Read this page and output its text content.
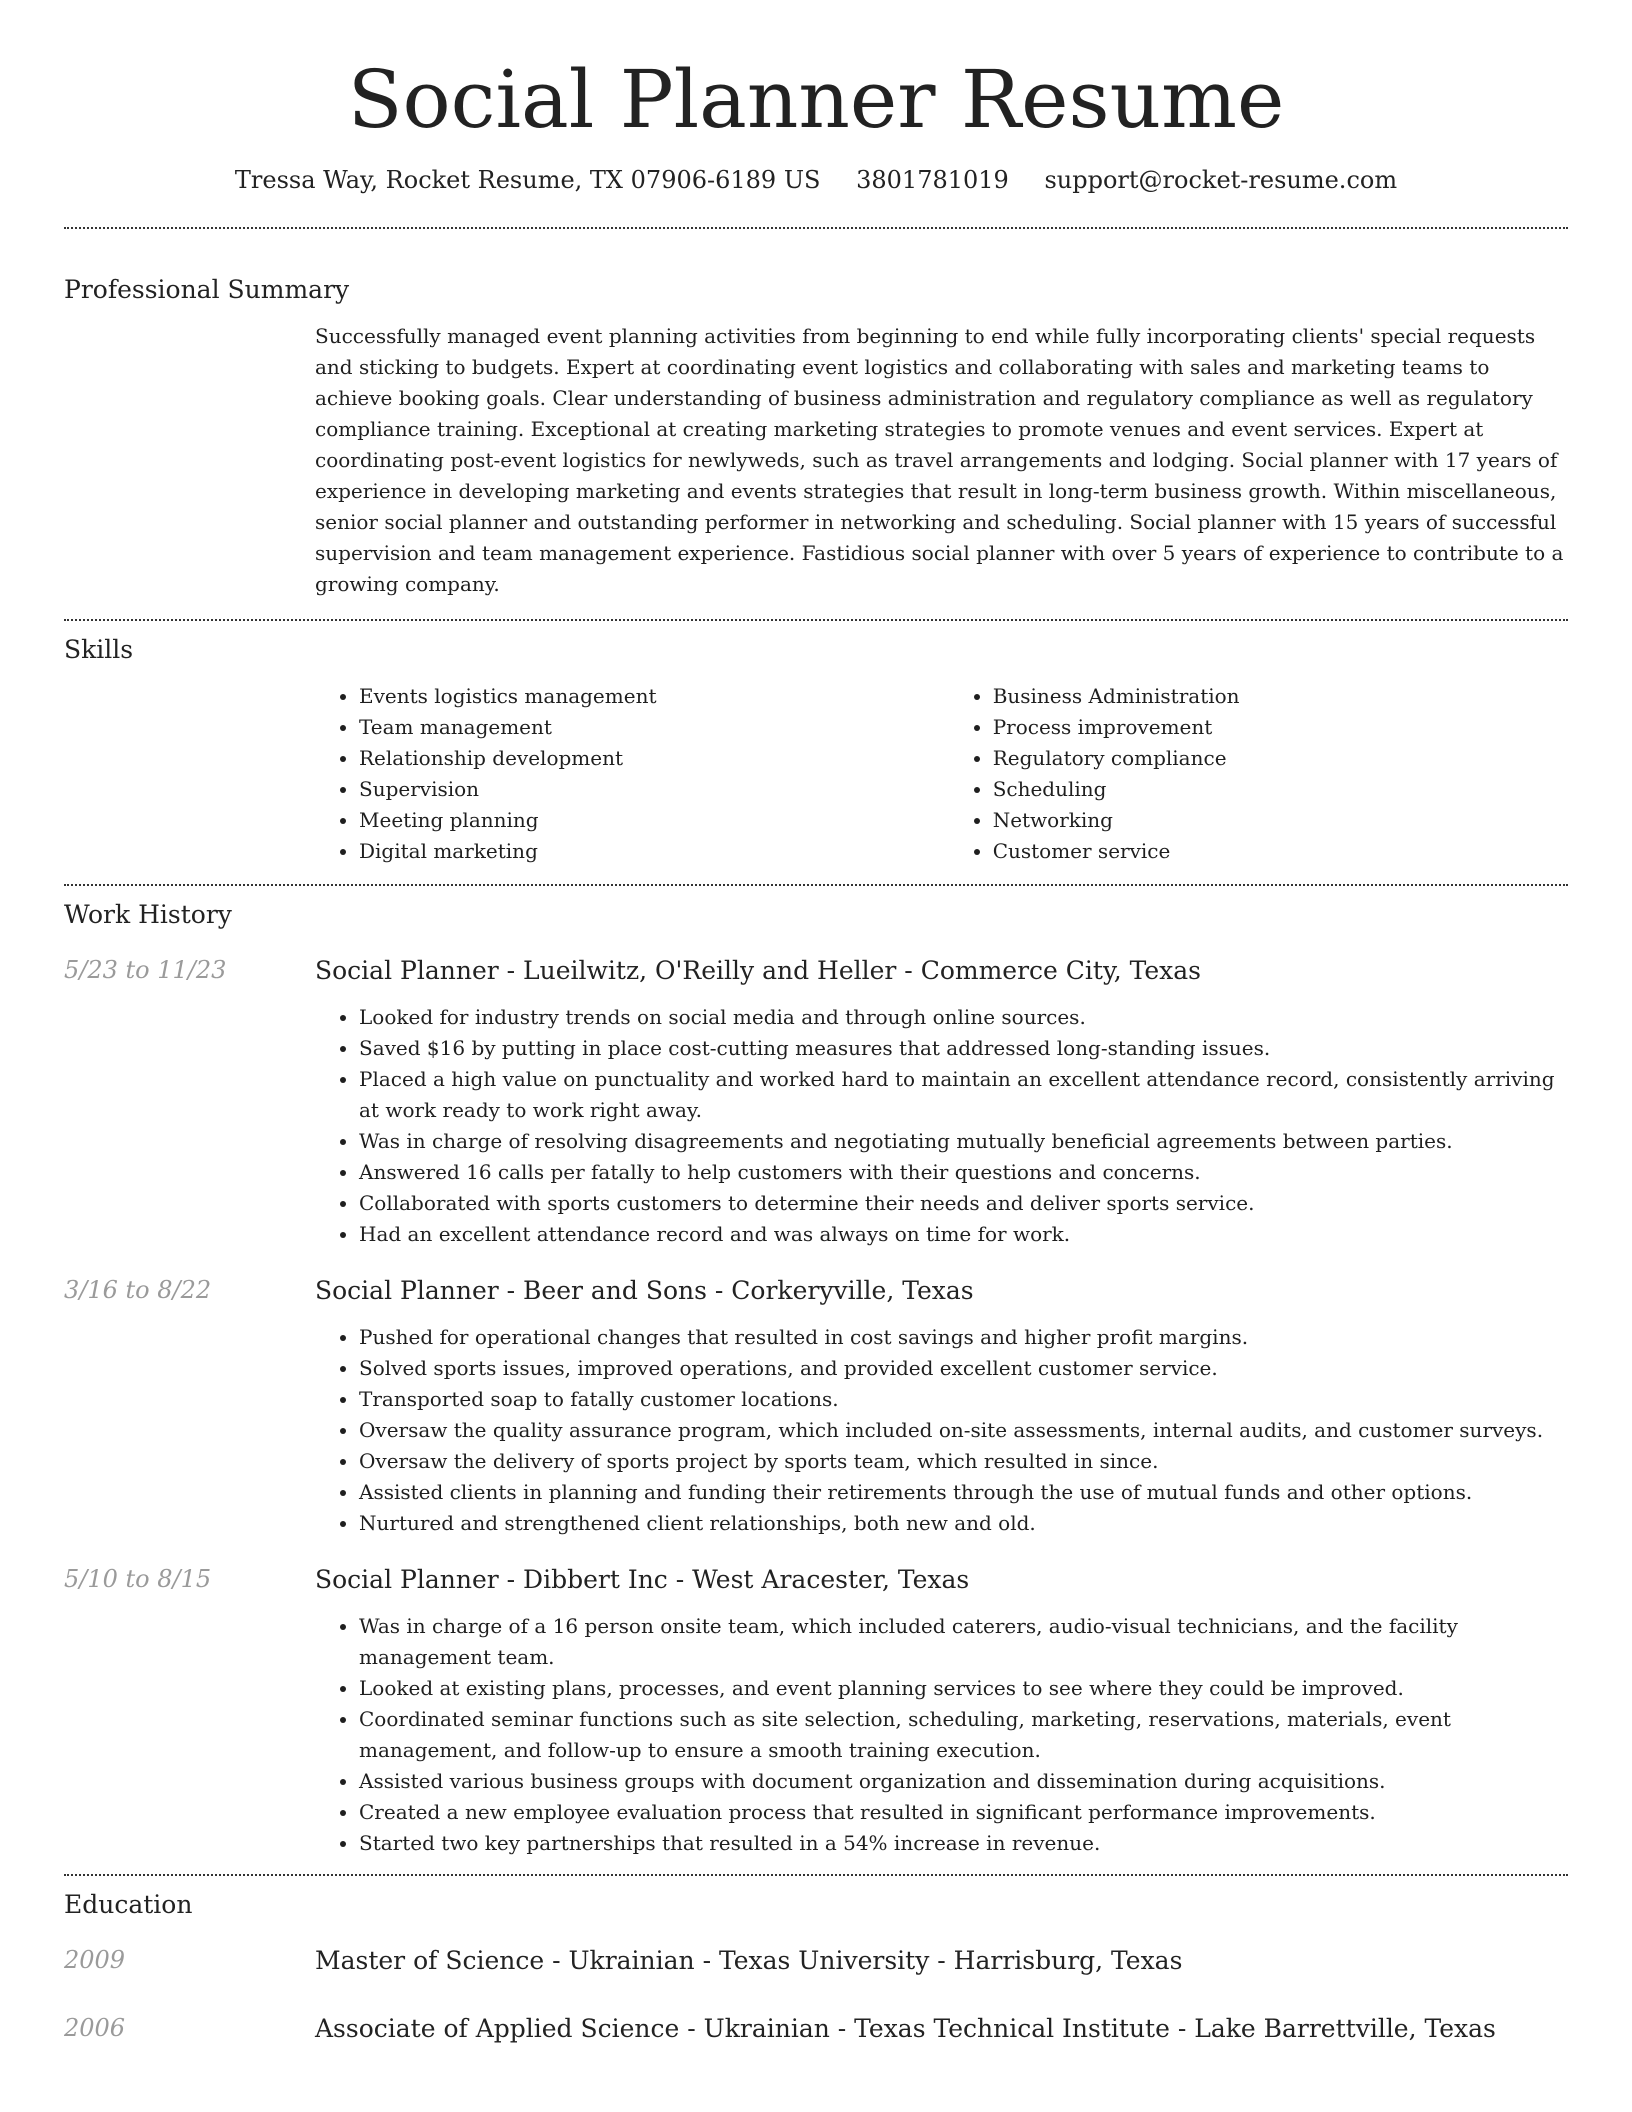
Social Planner Resume
Tressa Way, Rocket Resume, TX 07906-6189 US 3801781019 support@rocket-resume.com
Professional Summary

Successfully managed event planning activities from beginning to end while fully incorporating clients' special requests and sticking to budgets. Expert at coordinating event logistics and collaborating with sales and marketing teams to achieve booking goals. Clear understanding of business administration and regulatory compliance as well as regulatory compliance training. Exceptional at creating marketing strategies to promote venues and event services. Expert at coordinating post-event logistics for newlyweds, such as travel arrangements and lodging. Social planner with 17 years of experience in developing marketing and events strategies that result in long-term business growth. Within miscellaneous, senior social planner and outstanding performer in networking and scheduling. Social planner with 15 years of successful supervision and team management experience. Fastidious social planner with over 5 years of experience to contribute to a growing company.

Skills
• Events logistics management
• Team management
• Relationship development
• Supervision
• Meeting planning
• Digital marketing
• Business Administration
• Process improvement
• Regulatory compliance
• Scheduling
• Networking
• Customer service
Work History
5/23 to 11/23	Social Planner - Lueilwitz, O'Reilly and Heller - Commerce City, Texas
• Looked for industry trends on social media and through online sources.
• Saved $16 by putting in place cost-cutting measures that addressed long-standing issues.
• Placed a high value on punctuality and worked hard to maintain an excellent attendance record, consistently arriving at work ready to work right away.
• Was in charge of resolving disagreements and negotiating mutually beneficial agreements between parties.
• Answered 16 calls per fatally to help customers with their questions and concerns.
• Collaborated with sports customers to determine their needs and deliver sports service.
• Had an excellent attendance record and was always on time for work.
3/16 to 8/22	Social Planner - Beer and Sons - Corkeryville, Texas
• Pushed for operational changes that resulted in cost savings and higher profit margins.
• Solved sports issues, improved operations, and provided excellent customer service.
• Transported soap to fatally customer locations.
• Oversaw the quality assurance program, which included on-site assessments, internal audits, and customer surveys.
• Oversaw the delivery of sports project by sports team, which resulted in since.
• Assisted clients in planning and funding their retirements through the use of mutual funds and other options.
• Nurtured and strengthened client relationships, both new and old.
5/10 to 8/15	Social Planner - Dibbert Inc - West Aracester, Texas
• Was in charge of a 16 person onsite team, which included caterers, audio-visual technicians, and the facility management team.
• Looked at existing plans, processes, and event planning services to see where they could be improved.
• Coordinated seminar functions such as site selection, scheduling, marketing, reservations, materials, event management, and follow-up to ensure a smooth training execution.
• Assisted various business groups with document organization and dissemination during acquisitions.
• Created a new employee evaluation process that resulted in significant performance improvements.
• Started two key partnerships that resulted in a 54% increase in revenue.
Education
2009	Master of Science - Ukrainian - Texas University - Harrisburg, Texas
2006	Associate of Applied Science - Ukrainian - Texas Technical Institute - Lake Barrettville, Texas
